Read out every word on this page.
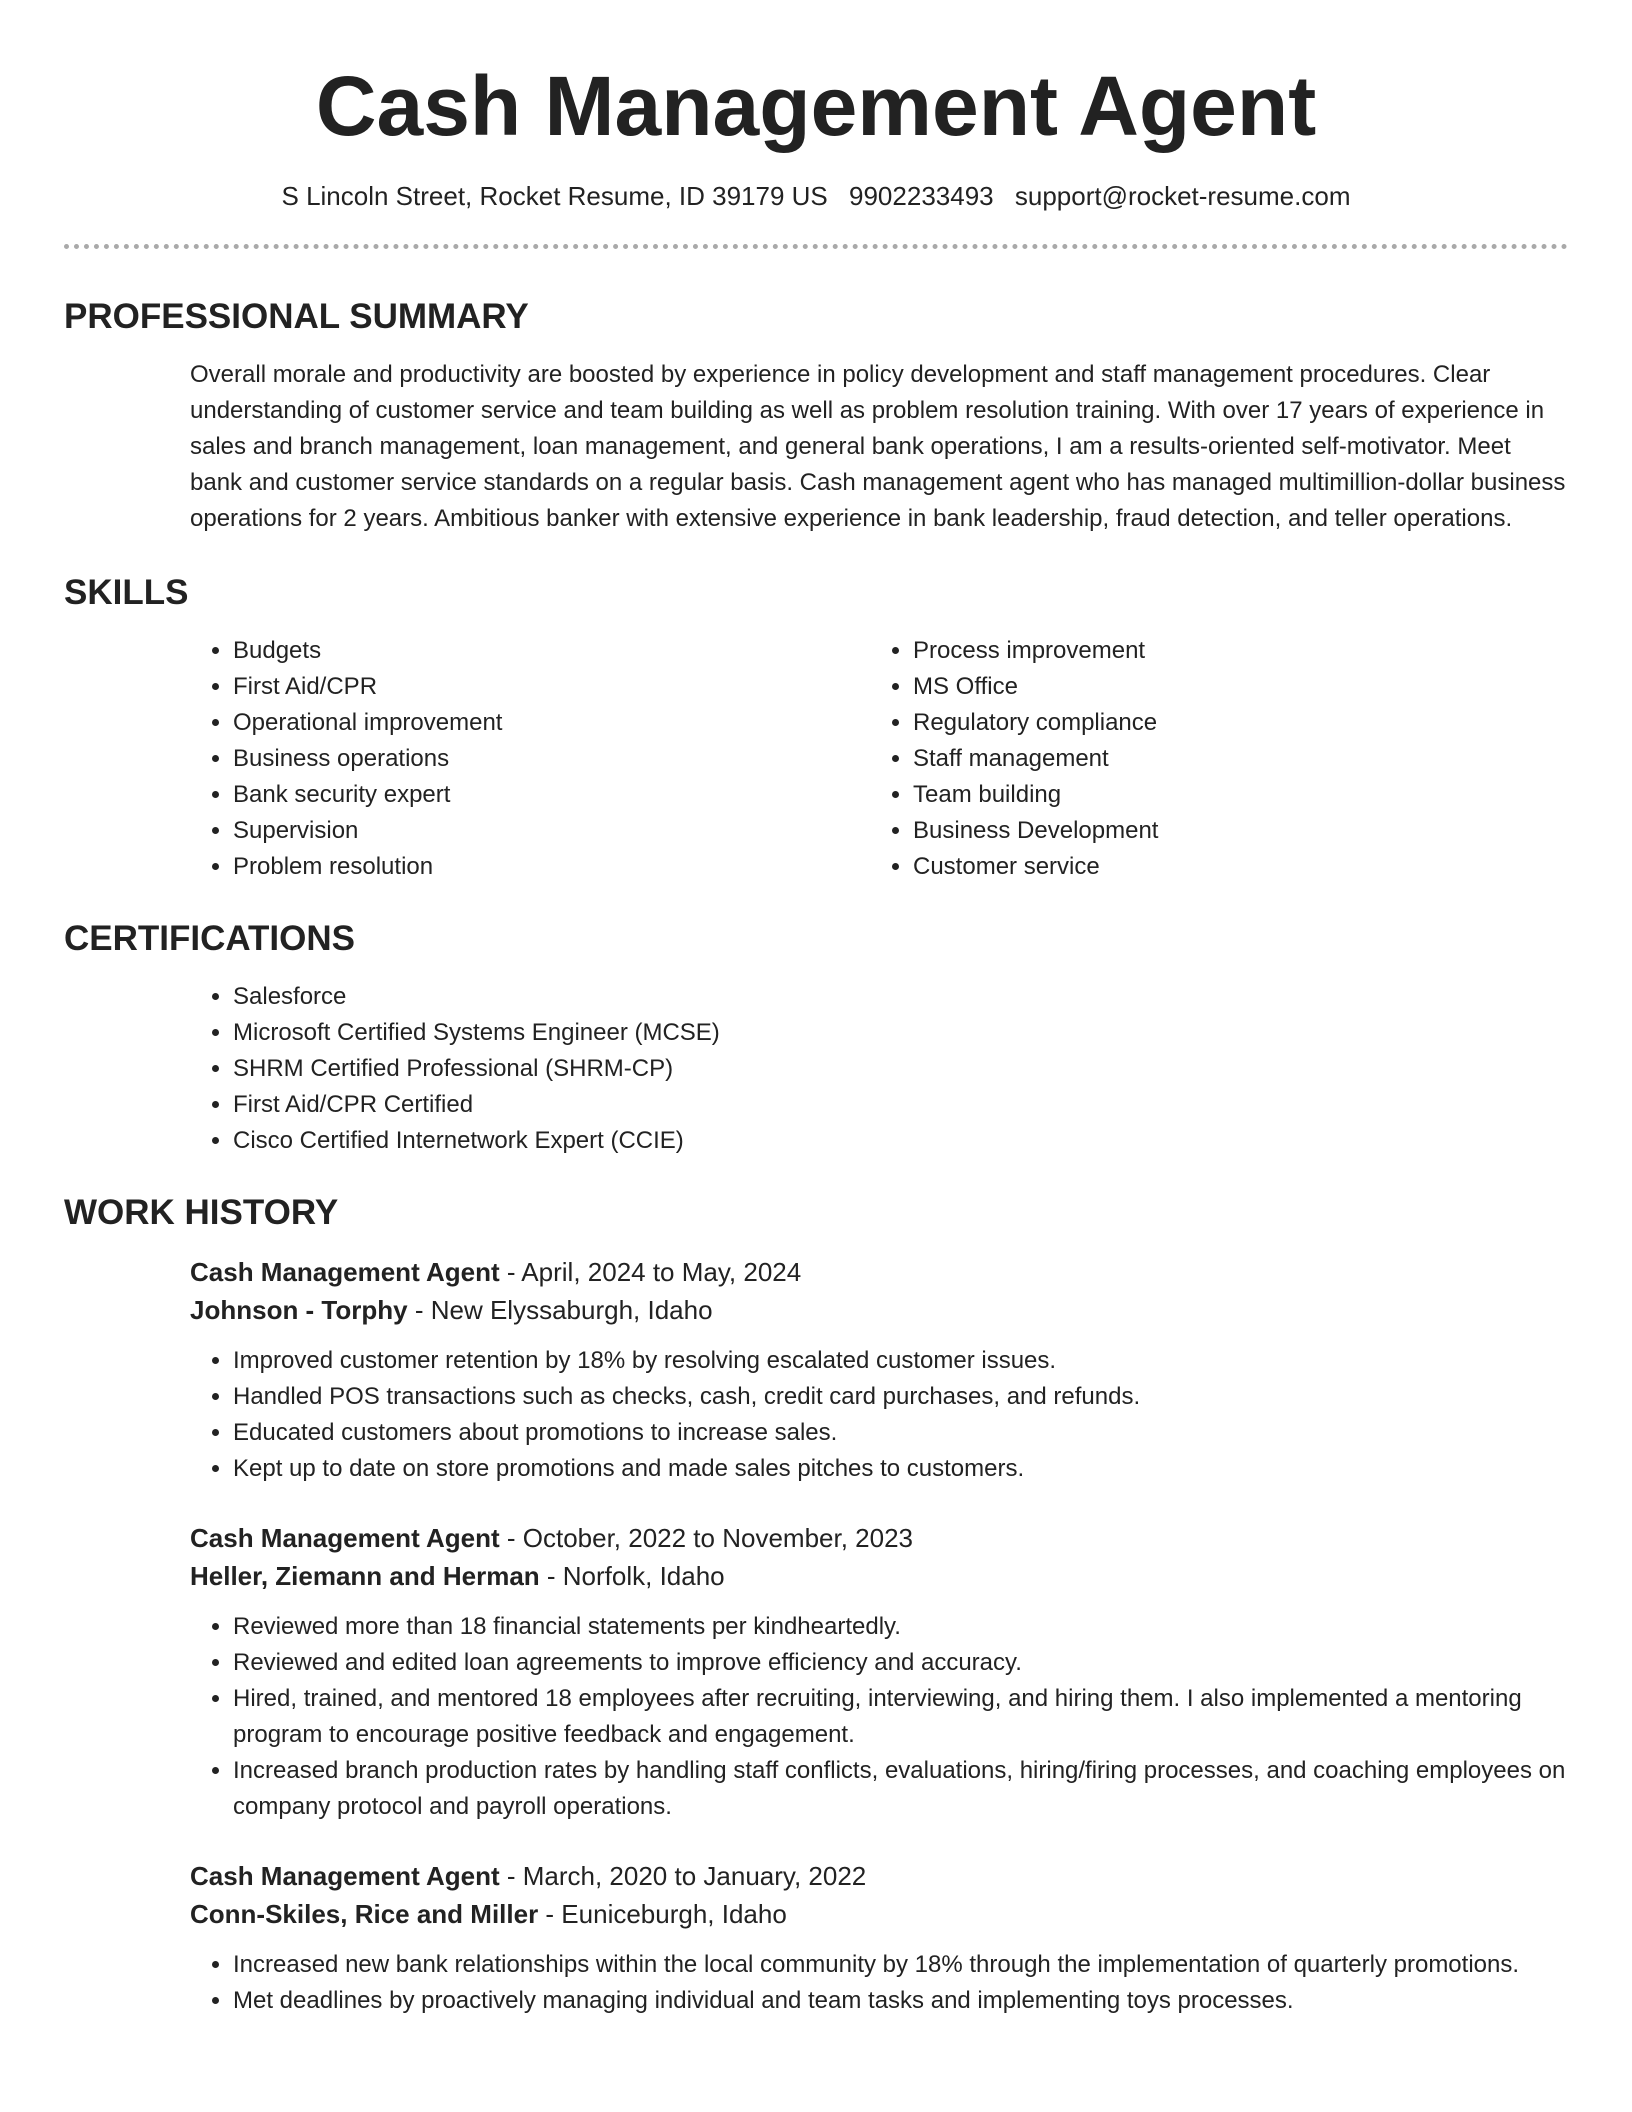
Cash Management Agent
S Lincoln Street, Rocket Resume, ID 39179 US 9902233493 support@rocket-resume.com
PROFESSIONAL SUMMARY
Overall morale and productivity are boosted by experience in policy development and staff management procedures. Clear understanding of customer service and team building as well as problem resolution training. With over 17 years of experience in sales and branch management, loan management, and general bank operations, I am a results-oriented self-motivator. Meet bank and customer service standards on a regular basis. Cash management agent who has managed multimillion-dollar business operations for 2 years. Ambitious banker with extensive experience in bank leadership, fraud detection, and teller operations.
SKILLS
• Budgets
• First Aid/CPR
• Operational improvement
• Business operations
• Bank security expert
• Supervision
• Problem resolution
• Process improvement
• MS Office
• Regulatory compliance
• Staff management
• Team building
• Business Development
• Customer service
CERTIFICATIONS
• Salesforce
• Microsoft Certified Systems Engineer (MCSE)
• SHRM Certified Professional (SHRM-CP)
• First Aid/CPR Certified
• Cisco Certified Internetwork Expert (CCIE)
WORK HISTORY
Cash Management Agent - April, 2024 to May, 2024
Johnson - Torphy - New Elyssaburgh, Idaho
• Improved customer retention by 18% by resolving escalated customer issues.
• Handled POS transactions such as checks, cash, credit card purchases, and refunds.
• Educated customers about promotions to increase sales.
• Kept up to date on store promotions and made sales pitches to customers.
Cash Management Agent - October, 2022 to November, 2023
Heller, Ziemann and Herman - Norfolk, Idaho
• Reviewed more than 18 financial statements per kindheartedly.
• Reviewed and edited loan agreements to improve efficiency and accuracy.
• Hired, trained, and mentored 18 employees after recruiting, interviewing, and hiring them. I also implemented a mentoring program to encourage positive feedback and engagement.
• Increased branch production rates by handling staff conflicts, evaluations, hiring/firing processes, and coaching employees on company protocol and payroll operations.
Cash Management Agent - March, 2020 to January, 2022
Conn-Skiles, Rice and Miller - Euniceburgh, Idaho
• Increased new bank relationships within the local community by 18% through the implementation of quarterly promotions.
• Met deadlines by proactively managing individual and team tasks and implementing toys processes.
